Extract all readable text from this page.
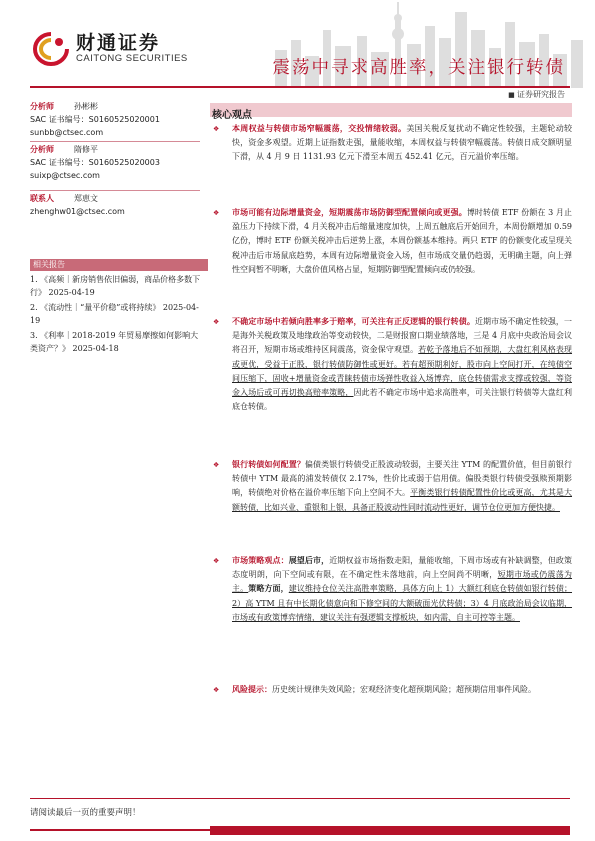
财通证券
CAITONG SECURITIES	震荡中寻求高胜率，关注银行转债
■ 证券研究报告
分析师	孙彬彬
SAC 证书编号：S0160525020001
sunbb@ctsec.com
分析师	隋修平
SAC 证书编号：S0160525020003
suixp@ctsec.com
联系人	郑恵文
zhenghw01@ctsec.com
相关报告
1. 《高频｜新房销售依旧偏弱，商品价格多数下行》 2025-04-19
2. 《流动性｜“量平价稳”或将持续》 2025-04-19
3. 《利率｜2018-2019 年贸易摩擦如何影响大类资产？》 2025-04-18
核心观点
❖ 本周权益与转债市场窄幅震荡，交投情绪较弱。美国关税反复扰动不确定性较强，主题轮动较快，资金多观望。近期上证指数走强，量能收缩，本周权益与转债窄幅震荡。转债日成交额明显下滑，从 4 月 9 日 1131.93 亿元下滑至本周五 452.41 亿元，百元溢价率压缩。
❖ 市场可能有边际增量资金，短期震荡市场防御型配置倾向或更强。博时转债 ETF 份额在 3 月止盈压力下持续下滑，4 月关税冲击后缩量速度加快，上周五触底后开始回升，本周份额增加 0.59 亿份，博时 ETF 份额关税冲击后逆势上涨，本周份额基本维持。两只 ETF 的份额变化或呈现关税冲击后市场鼠底趋势，本周有边际增量资金入场，但市场成交量仍趋弱，无明确主题，向上弹性空间暂不明晰，大盘价值风格占显，短期防御型配置倾向或仍较强。
❖ 不确定市场中若倾向胜率多于赔率，可关注有正反逻辑的银行转债。近期市场不确定性较强，一是海外关税政策及地缘政治等变动较快，二是财报窗口期业绩落地，三是 4 月底中央政治局会议将召开，短期市场或维持区间震荡，资金保守观望。若乾予落地后不如预期，大盘红利风格表现或更优，受益于正股，银行转债防御性或更好。若有超预期利好，股市向上空间打开，在纯债空间压缩下，固收+增量资金或青睐转债市场弹性收益入场博弈，底仓转债需求支撑或较强，等资金入场后或可再切换高赔率策略，因此若不确定市场中追求高胜率，可关注银行转债等大盘红利底仓转债。
❖ 银行转债如何配置？偏债类银行转债受正股波动较弱，主要关注 YTM 的配置价值，但目前银行转债中 YTM 最高的浦发转债仅 2.17%，性价比或弱于信用债。偏股类银行转债受强赎预期影响，转债绝对价格在溢价率压缩下向上空间不大。平衡类银行转债配置性价比或更高，尤其是大额转债，比如兴业、重银和上银，具备正股波动性同时流动性更好，调节仓位更加方便快捷。
❖ 市场策略观点：展望后市，近期权益市场指数走阳，量能收缩，下周市场或有补缺调整，但政策态度明朗，向下空间或有限，在不确定性未落地前，向上空间尚不明晰，短期市场或仍震荡为主。策略方面，建议维持仓位关注高胜率策略，具体方向上 1）大额红利底仓转债如银行转债；2）高 YTM 且有中长期化债意向和下修空间的大额破面光伏转债；3）4 月底政治局会议临期，市场或有政策博弈情绪，建议关注有强逻辑支撑板块，如内需、自主可控等主题。
❖ 风险提示：历史统计规律失效风险；宏观经济变化超预期风险；超预期信用事件风险。
请阅读最后一页的重要声明！
